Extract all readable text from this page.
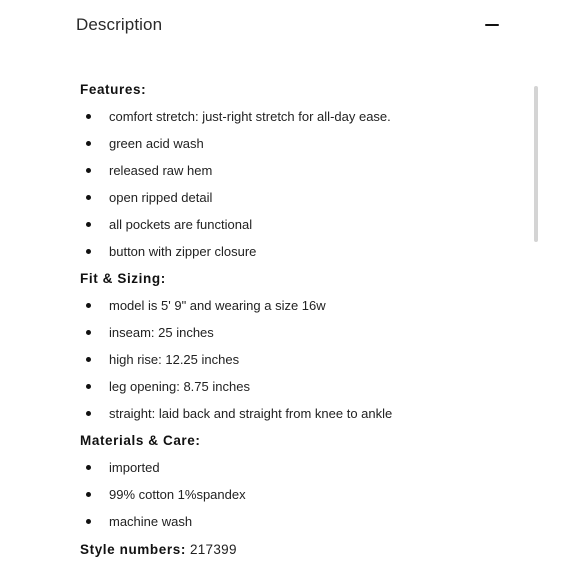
Description

Features:

comfort stretch: just-right stretch for all-day ease.
green acid wash
released raw hem
open ripped detail
all pockets are functional
button with zipper closure

Fit & Sizing:

model is 5' 9" and wearing a size 16w
inseam: 25 inches
high rise: 12.25 inches
leg opening: 8.75 inches
straight: laid back and straight from knee to ankle

Materials & Care:

imported
99% cotton 1%spandex
machine wash
Style numbers: 217399
